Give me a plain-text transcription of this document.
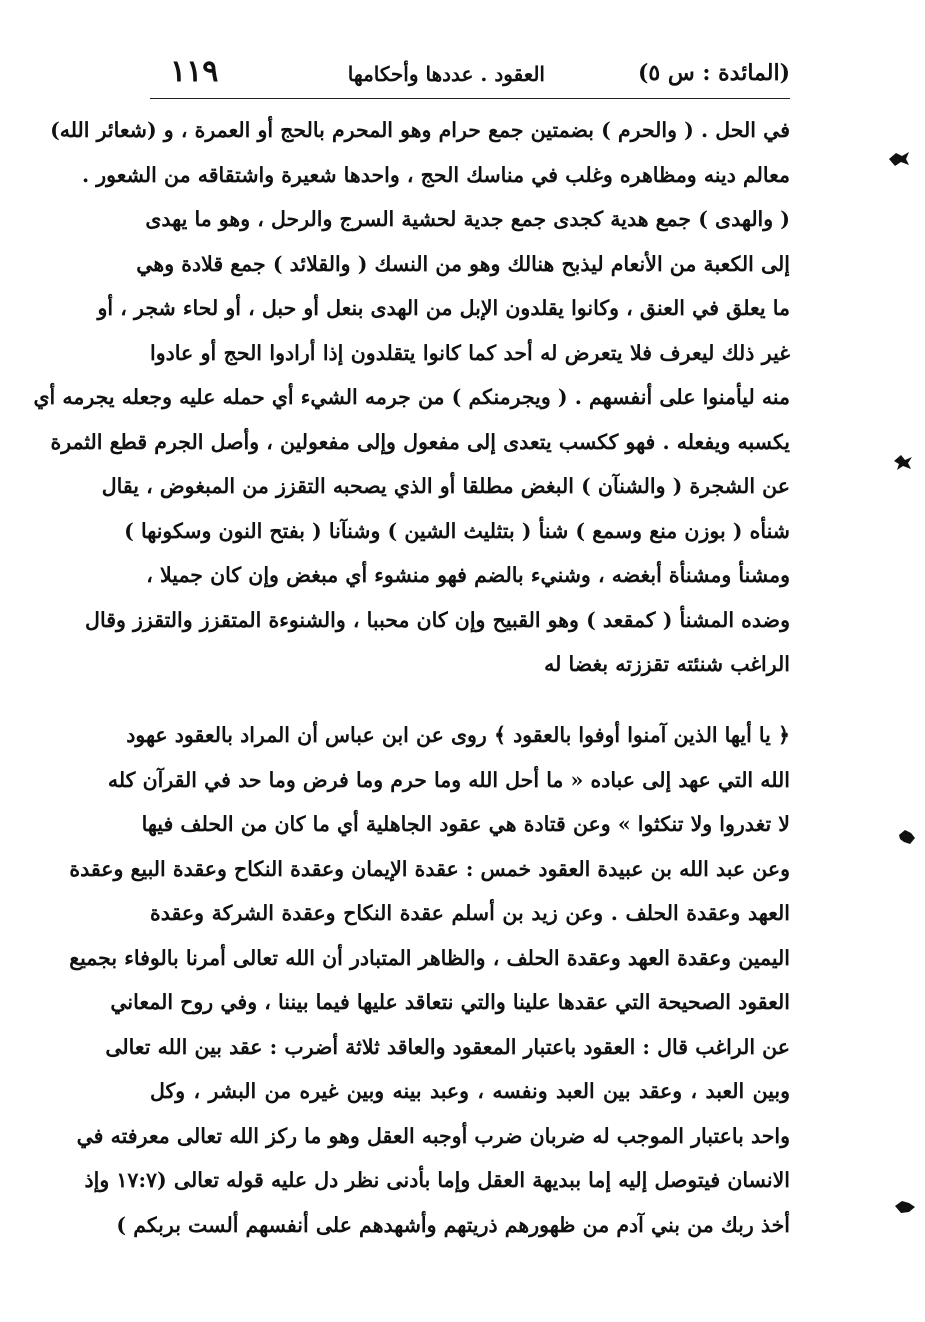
(المائدة : س ٥)
العقود . عددها وأحكامها
١١٩
في الحل . ( والحرم ) بضمتين جمع حرام وهو المحرم بالحج أو العمرة ، و (شعائر الله)
معالم دينه ومظاهره وغلب في مناسك الحج ، واحدها شعيرة واشتقاقه من الشعور .
( والهدى ) جمع هدية كجدى جمع جدية لحشية السرج والرحل ، وهو ما يهدى
إلى الكعبة من الأنعام ليذبح هنالك وهو من النسك ( والقلائد ) جمع قلادة وهي
ما يعلق في العنق ، وكانوا يقلدون الإبل من الهدى بنعل أو حبل ، أو لحاء شجر ، أو
غير ذلك ليعرف فلا يتعرض له أحد كما كانوا يتقلدون إذا أرادوا الحج أو عادوا
منه ليأمنوا على أنفسهم . ( ويجرمنكم ) من جرمه الشيء أي حمله عليه وجعله يجرمه أي
يكسبه ويفعله . فهو ككسب يتعدى إلى مفعول وإلى مفعولين ، وأصل الجرم قطع الثمرة
عن الشجرة ( والشنآن ) البغض مطلقا أو الذي يصحبه التقزز من المبغوض ، يقال
شنأه ( بوزن منع وسمع ) شنأ ( بتثليث الشين ) وشنآنا ( بفتح النون وسكونها )
ومشنأ ومشنأة أبغضه ، وشنيء بالضم فهو منشوء أي مبغض وإن كان جميلا ،
وضده المشنأ ( كمقعد ) وهو القبيح وإن كان محببا ، والشنوءة المتقزز والتقزز وقال
الراغب شنئته تقززته بغضا له
﴿ يا أيها الذين آمنوا أوفوا بالعقود ﴾ روى عن ابن عباس أن المراد بالعقود عهود
الله التي عهد إلى عباده « ما أحل الله وما حرم وما فرض وما حد في القرآن كله
لا تغدروا ولا تنكثوا » وعن قتادة هي عقود الجاهلية أي ما كان من الحلف فيها
وعن عبد الله بن عبيدة العقود خمس : عقدة الإيمان وعقدة النكاح وعقدة البيع وعقدة
العهد وعقدة الحلف . وعن زيد بن أسلم عقدة النكاح وعقدة الشركة وعقدة
اليمين وعقدة العهد وعقدة الحلف ، والظاهر المتبادر أن الله تعالى أمرنا بالوفاء بجميع
العقود الصحيحة التي عقدها علينا والتي نتعاقد عليها فيما بيننا ، وفي روح المعاني
عن الراغب قال : العقود باعتبار المعقود والعاقد ثلاثة أضرب : عقد بين الله تعالى
وبين العبد ، وعقد بين العبد ونفسه ، وعبد بينه وبين غيره من البشر ، وكل
واحد باعتبار الموجب له ضربان ضرب أوجبه العقل وهو ما ركز الله تعالى معرفته في
الانسان فيتوصل إليه إما ببديهة العقل وإما بأدنى نظر دل عليه قوله تعالى (١٧:٧ وإذ
أخذ ربك من بني آدم من ظهورهم ذريتهم وأشهدهم على أنفسهم ألست بربكم )
